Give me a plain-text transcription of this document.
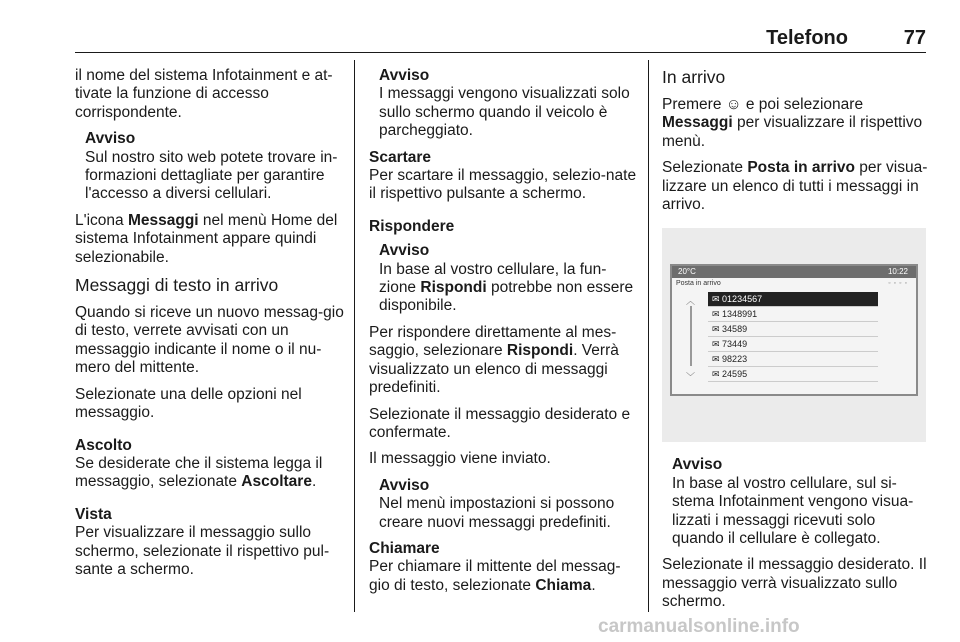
Telefono	77

il nome del sistema Infotainment e at-tivate la funzione di accesso corrispondente.

Avviso
Sul nostro sito web potete trovare in-formazioni dettagliate per garantire l'accesso a diversi cellulari.

L'icona Messaggi nel menù Home del sistema Infotainment appare quindi selezionabile.

Messaggi di testo in arrivo

Quando si riceve un nuovo messag-gio di testo, verrete avvisati con un messaggio indicante il nome o il nu-mero del mittente.

Selezionate una delle opzioni nel messaggio.

Ascolto

Se desiderate che il sistema legga il messaggio, selezionate Ascoltare.

Vista

Per visualizzare il messaggio sullo schermo, selezionate il rispettivo pul-sante a schermo.

Avviso
I messaggi vengono visualizzati solo sullo schermo quando il veicolo è parcheggiato.
Scartare

Per scartare il messaggio, selezio-nate il rispettivo pulsante a schermo.

Rispondere
Avviso
In base al vostro cellulare, la fun-zione Rispondi potrebbe non essere disponibile.

Per rispondere direttamente al mes-saggio, selezionare Rispondi. Verrà visualizzato un elenco di messaggi predefiniti.

Selezionate il messaggio desiderato e confermate.

Il messaggio viene inviato.

Avviso
Nel menù impostazioni si possono creare nuovi messaggi predefiniti.
Chiamare

Per chiamare il mittente del messag-gio di testo, selezionate Chiama.

In arrivo

Premere ☺ e poi selezionare Messaggi per visualizzare il rispettivo menù.

Selezionate Posta in arrivo per visua-lizzare un elenco di tutti i messaggi in arrivo.

20°C	10:22
Posta in arrivo	◦◦◦◦
︿
﹀
✉ 01234567
✉ 1348991
✉ 34589
✉ 73449
✉ 98223
✉ 24595
Avviso
In base al vostro cellulare, sul si-stema Infotainment vengono visua-lizzati i messaggi ricevuti solo quando il cellulare è collegato.

Selezionate il messaggio desiderato. Il messaggio verrà visualizzato sullo schermo.

carmanualsonline.info
